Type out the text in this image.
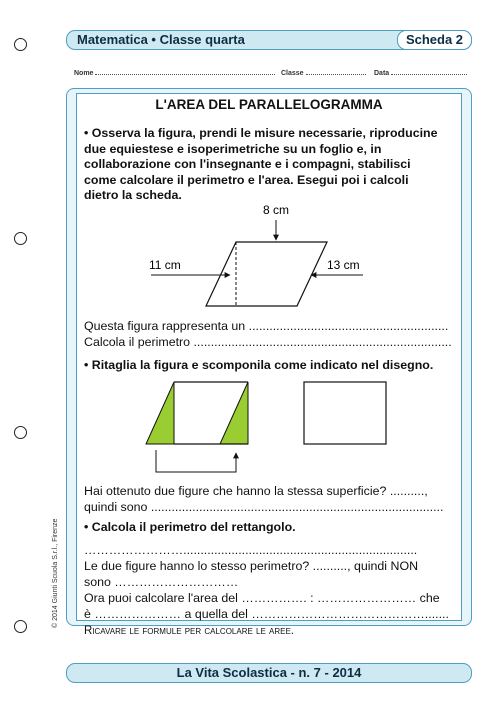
Matematica • Classe quarta	Scheda 2
Nome	Classe	Data
L'AREA DEL PARALLELOGRAMMA
• Osserva la figura, prendi le misure necessarie, riproducine
due equiestese e isoperimetriche su un foglio e, in
collaborazione con l'insegnante e i compagni, stabilisci
come calcolare il perimetro e l'area. Esegui poi i calcoli
dietro la scheda.
8 cm
11 cm	13 cm
Questa figura rappresenta un ..........................................................
Calcola il perimetro ...........................................................................
• Ritaglia la figura e scomponila come indicato nel disegno.
Hai ottenuto due figure che hanno la stessa superficie? ..........,
quindi sono .....................................................................................
• Calcola il perimetro del rettangolo.
……………………....................................................................
Le due figure hanno lo stesso perimetro? .........., quindi NON
sono …………………………
Ora puoi calcolare l'area del ……………. : …………………… che
è ………………… a quella del …………………………………….......
Ricavare le formule per calcolare le aree.
© 2014 Giunti Scuola S.r.l., Firenze
La Vita Scolastica - n. 7 - 2014
